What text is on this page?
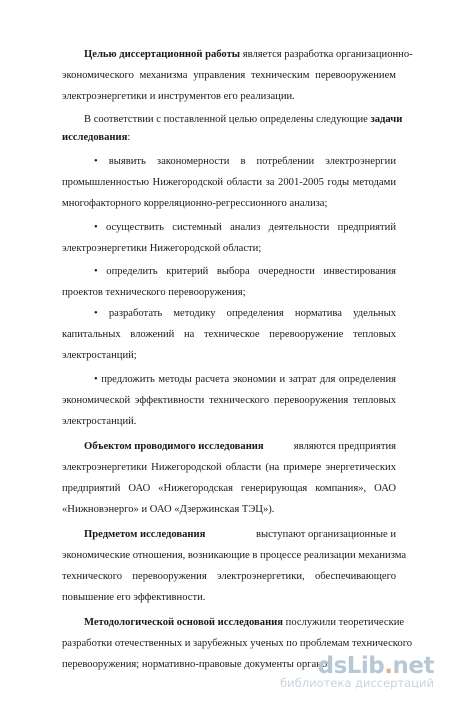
Целью диссертационной работы является разработка организационно-
экономического механизма управления техническим перевооружением
электроэнергетики и инструментов его реализации.
В соответствии с поставленной целью определены следующие задачи
исследования:
• выявить закономерности в потреблении электроэнергии
промышленностью Нижегородской области за 2001-2005 годы методами
многофакторного корреляционно-регрессионного анализа;
• осуществить системный анализ деятельности предприятий
электроэнергетики Нижегородской области;
• определить критерий выбора очередности инвестирования
проектов технического перевооружения;
• разработать методику определения норматива удельных
капитальных вложений на техническое перевооружение тепловых
электростанций;
• предложить методы расчета экономии и затрат для определения
экономической эффективности технического перевооружения тепловых
электростанций.
Объектом проводимого исследования	являются предприятия
электроэнергетики Нижегородской области (на примере энергетических
предприятий ОАО «Нижегородская генерирующая компания», ОАО
«Нижновэнерго» и ОАО «Дзержинская ТЭЦ»).
Предметом исследования	выступают организационные и
экономические отношения, возникающие в процессе реализации механизма
технического перевооружения электроэнергетики, обеспечивающего
повышение его эффективности.
Методологической основой исследования послужили теоретические
разработки отечественных и зарубежных ученых по проблемам технического
перевооружения; нормативно-правовые документы органов
dsLib.net
библиотека диссертаций
